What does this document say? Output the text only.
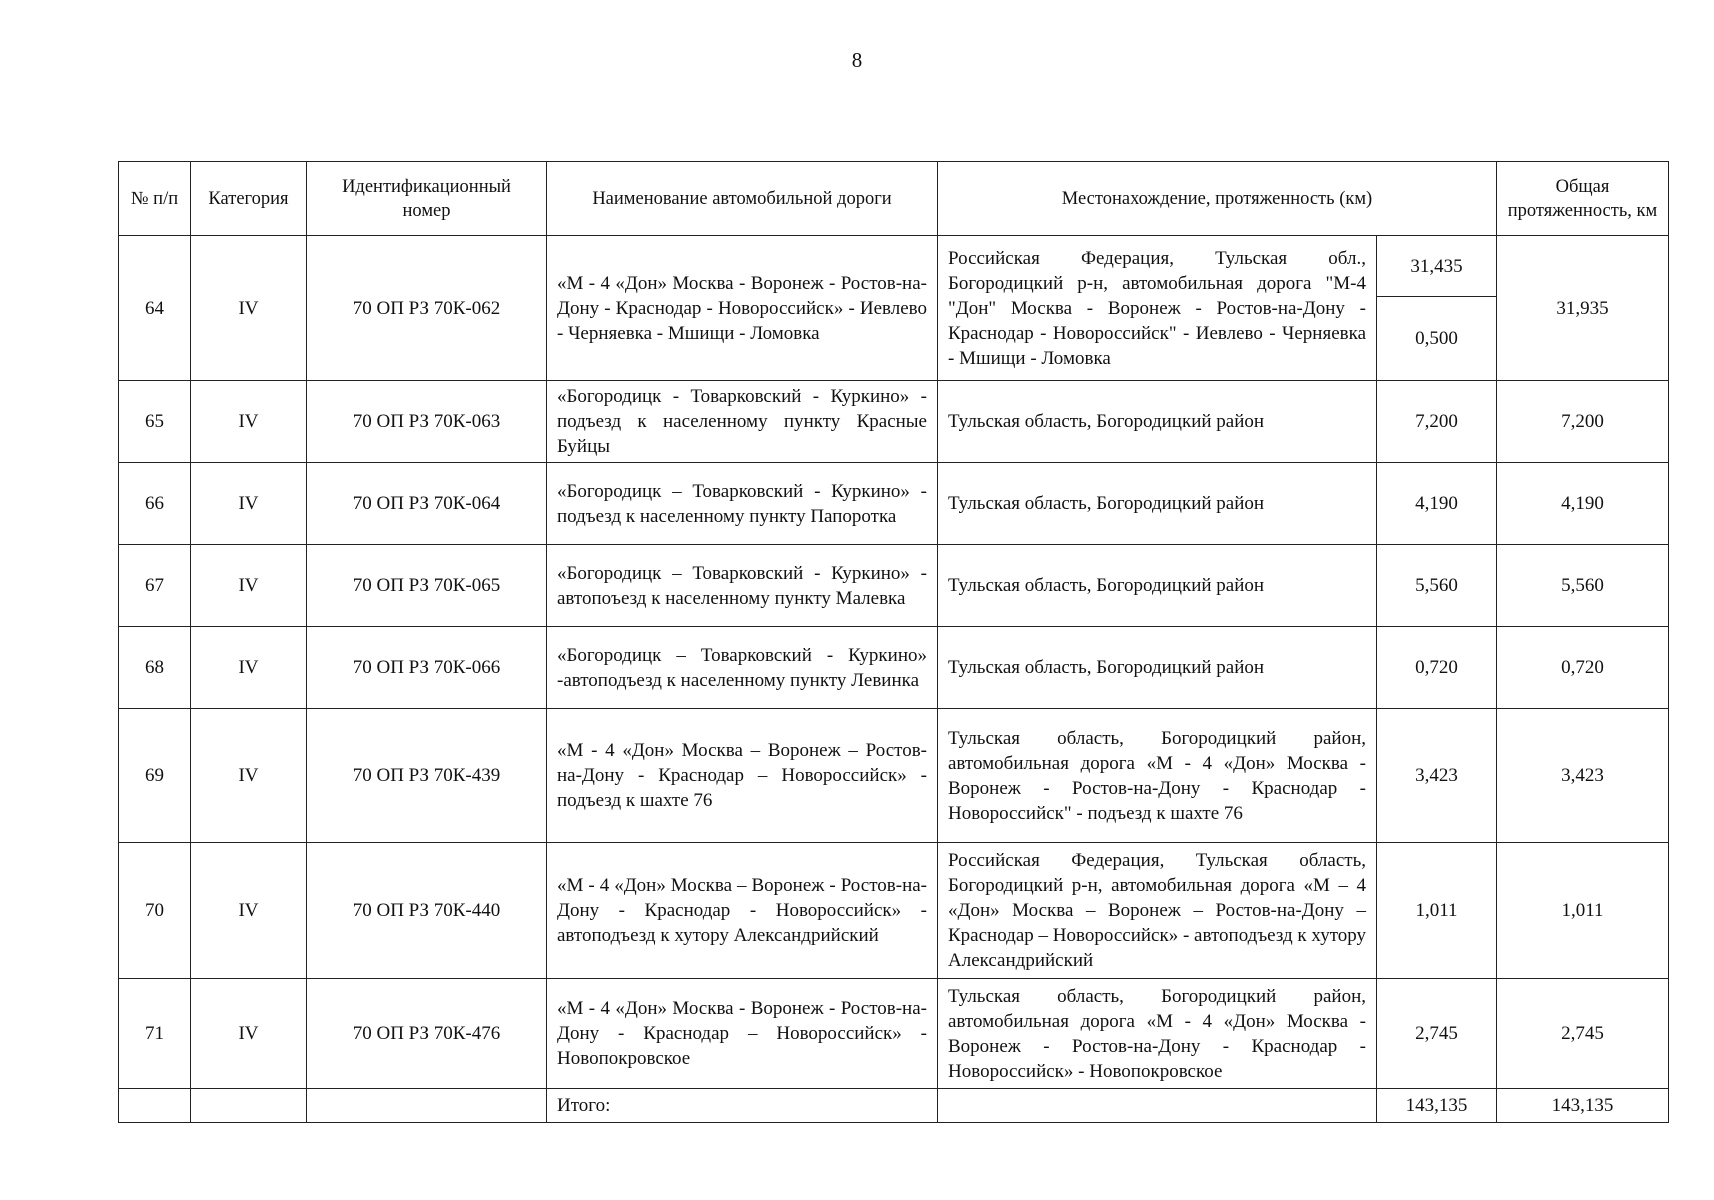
8
№ п/п	Категория	Идентификационный номер	Наименование автомобильной дороги	Местонахождение, протяженность (км)		Общая протяженность, км
64	IV	70 ОП РЗ 70К-062	«М - 4 «Дон» Москва - Воронеж - Ростов-на-Дону - Краснодар - Новороссийск» - Иевлево - Черняевка - Мшищи - Ломовка	Российская Федерация, Тульская обл., Богородицкий р-н, автомобильная дорога "М-4 "Дон" Москва - Воронеж - Ростов-на-Дону - Краснодар - Новороссийск" - Иевлево - Черняевка - Мшищи - Ломовка	31,435	31,935
					0,500	
65	IV	70 ОП РЗ 70К-063	«Богородицк - Товарковский - Куркино» - подъезд к населенному пункту Красные Буйцы	Тульская область, Богородицкий район	7,200	7,200
66	IV	70 ОП РЗ 70К-064	«Богородицк – Товарковский - Куркино» - подъезд к населенному пункту Папоротка	Тульская область, Богородицкий район	4,190	4,190
67	IV	70 ОП РЗ 70К-065	«Богородицк – Товарковский - Куркино» - автопоъезд к населенному пункту Малевка	Тульская область, Богородицкий район	5,560	5,560
68	IV	70 ОП РЗ 70К-066	«Богородицк – Товарковский - Куркино» -автоподъезд к населенному пункту Левинка	Тульская область, Богородицкий район	0,720	0,720
69	IV	70 ОП РЗ 70К-439	«М - 4 «Дон» Москва – Воронеж – Ростов-на-Дону - Краснодар – Новороссийск» - подъезд к шахте 76	Тульская область, Богородицкий район, автомобильная дорога «М - 4 «Дон» Москва - Воронеж - Ростов-на-Дону - Краснодар - Новороссийск" - подъезд к шахте 76	3,423	3,423
70	IV	70 ОП РЗ 70К-440	«М - 4 «Дон» Москва – Воронеж - Ростов-на-Дону - Краснодар - Новороссийск» - автоподъезд к хутору Александрийский	Российская Федерация, Тульская область, Богородицкий р-н, автомобильная дорога «М – 4 «Дон» Москва – Воронеж – Ростов-на-Дону – Краснодар – Новороссийск» - автоподъезд к хутору Александрийский	1,011	1,011
71	IV	70 ОП РЗ 70К-476	«М - 4 «Дон» Москва - Воронеж - Ростов-на-Дону - Краснодар – Новороссийск» - Новопокровское	Тульская область, Богородицкий район, автомобильная дорога «М - 4 «Дон» Москва - Воронеж - Ростов-на-Дону - Краснодар - Новороссийск» - Новопокровское	2,745	2,745
			Итого:		143,135	143,135
